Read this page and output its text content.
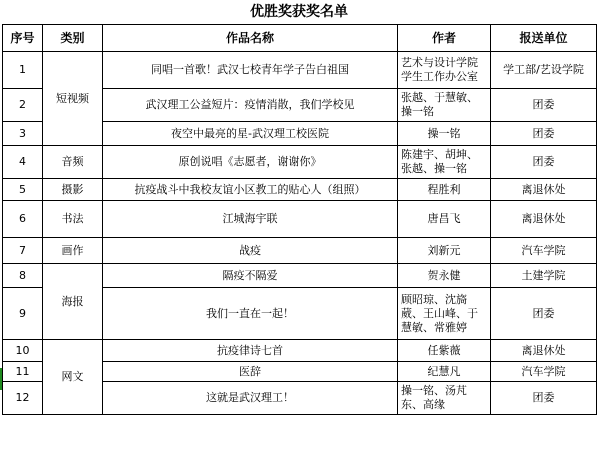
优胜奖获奖名单
序号	类别	作品名称	作者	报送单位
1	短视频	同唱一首歌！武汉七校青年学子告白祖国	艺术与设计学院学生工作办公室	学工部/艺设学院
2		武汉理工公益短片：疫情消散，我们学校见	张越、于慧敏、操一铭	团委
3		夜空中最亮的星-武汉理工校医院	操一铭	团委
4	音频	原创说唱《志愿者，谢谢你》	陈建宇、胡坤、张越、操一铭	团委
5	摄影	抗疫战斗中我校友谊小区教工的贴心人（组照）	程胜利	离退休处
6	书法	江城海宇联	唐昌飞	离退休处
7	画作	战疫	刘新元	汽车学院
8	海报	隔疫不隔爱	贺永健	土建学院
9		我们一直在一起！	顾昭琼、沈旖葳、王山峰、于慧敏、常雅婷	团委
10	网文	抗疫律诗七首	任紫薇	离退休处
11		医辞	纪慧凡	汽车学院
12		这就是武汉理工！	操一铭、汤芃东、高缘	团委
